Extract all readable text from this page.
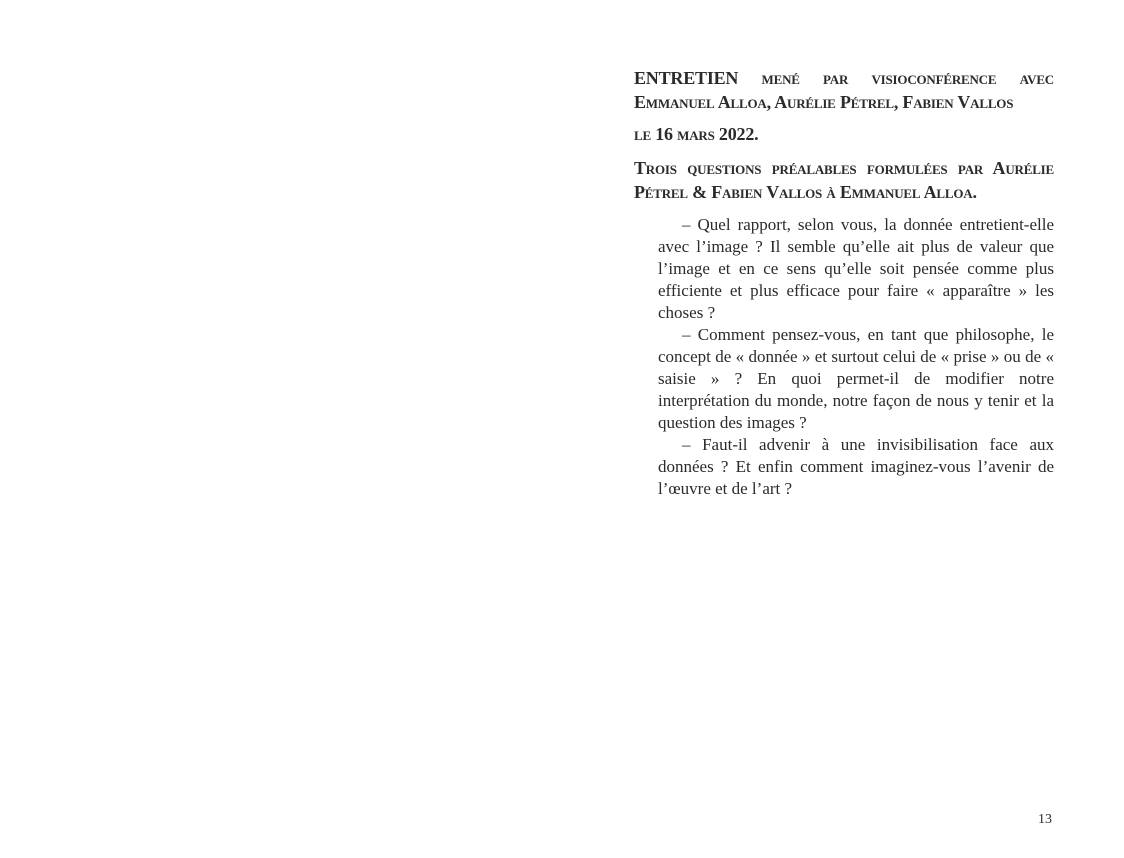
ENTRETIEN mené par visioconférence avec Emmanuel Alloa, Aurélie Pétrel, Fabien Vallos

le 16 mars 2022.

Trois questions préalables formulées par Aurélie Pétrel & Fabien Vallos à Emmanuel Alloa.

– Quel rapport, selon vous, la donnée entretient-elle avec l’image ? Il semble qu’elle ait plus de valeur que l’image et en ce sens qu’elle soit pensée comme plus efficiente et plus efficace pour faire « apparaître » les choses ?

– Comment pensez-vous, en tant que philosophe, le concept de « donnée » et surtout celui de « prise » ou de « saisie » ? En quoi permet-il de modifier notre interprétation du monde, notre façon de nous y tenir et la question des images ?

– Faut-il advenir à une invisibilisation face aux données ? Et enfin comment imaginez-vous l’avenir de l’œuvre et de l’art ?

13
